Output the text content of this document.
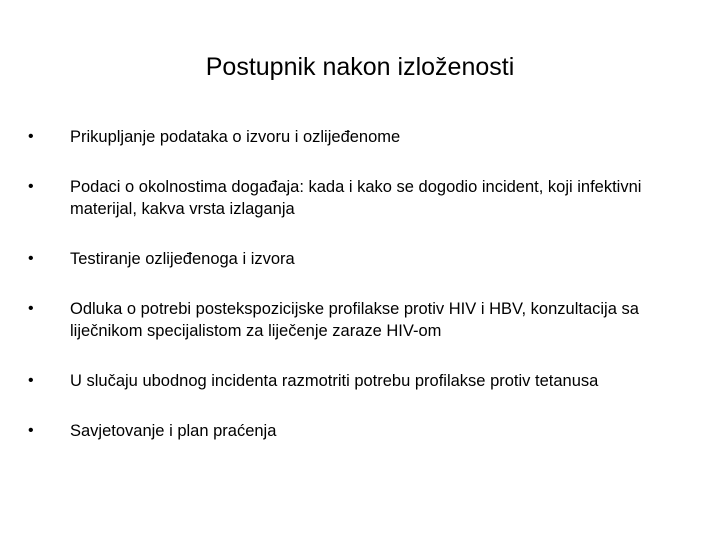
Postupnik nakon izloženosti
•	Prikupljanje podataka o izvoru i ozlijeđenome
•	Podaci o okolnostima događaja: kada i kako se dogodio incident, koji infektivni materijal, kakva vrsta izlaganja
•	Testiranje ozlijeđenoga i izvora
•	Odluka o potrebi postekspozicijske profilakse protiv HIV i HBV, konzultacija sa liječnikom specijalistom za liječenje zaraze HIV-om
•	U slučaju ubodnog incidenta razmotriti potrebu profilakse protiv tetanusa
•	Savjetovanje i plan praćenja
